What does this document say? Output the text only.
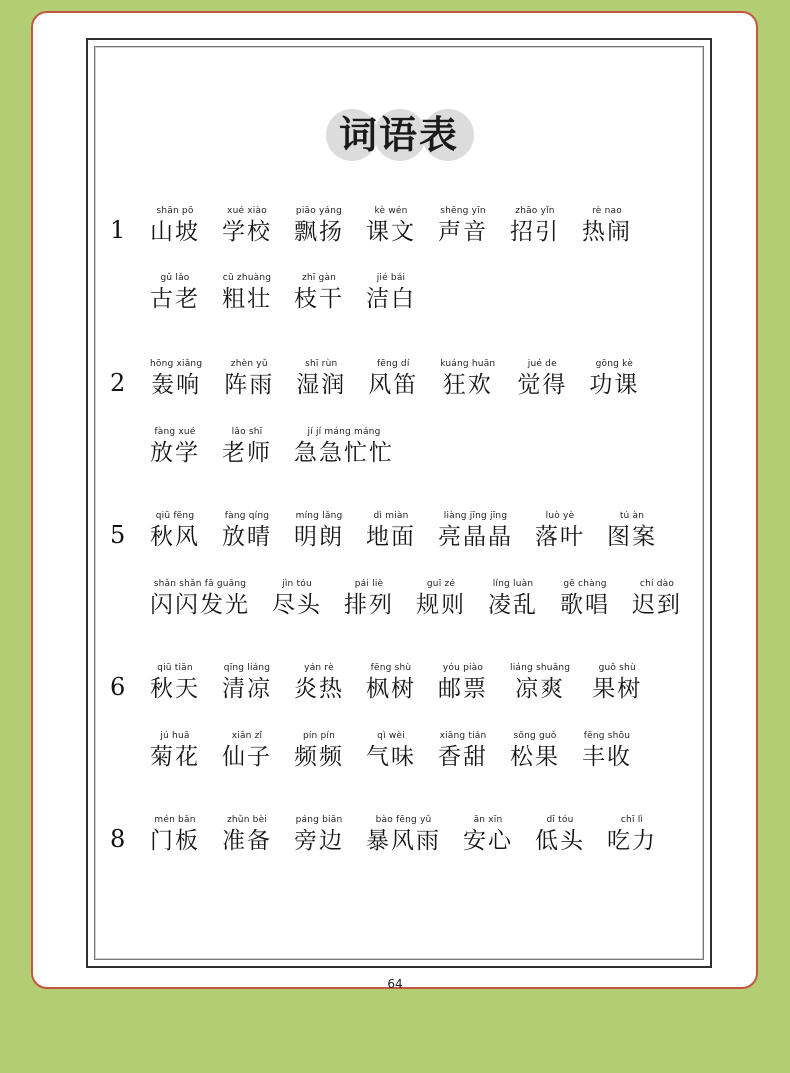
词语表
1
shān pō
山坡
xué xiào
学校
piāo yáng
飘扬
kè wén
课文
shēng yīn
声音
zhāo yǐn
招引
rè nao
热闹
gǔ lǎo
古老
cū zhuàng
粗壮
zhī gàn
枝干
jié bái
洁白
2
hōng xiǎng
轰响
zhèn yǔ
阵雨
shī rùn
湿润
fēng dí
风笛
kuáng huān
狂欢
jué de
觉得
gōng kè
功课
fàng xué
放学
lǎo shī
老师
jí jí máng máng
急急忙忙
5
qiū fēng
秋风
fàng qíng
放晴
míng lǎng
明朗
dì miàn
地面
liàng jīng jīng
亮晶晶
luò yè
落叶
tú àn
图案
shǎn shǎn fā guāng
闪闪发光
jìn tóu
尽头
pái liè
排列
guī zé
规则
líng luàn
凌乱
gē chàng
歌唱
chí dào
迟到
6
qiū tiān
秋天
qīng liáng
清凉
yán rè
炎热
fēng shù
枫树
yóu piào
邮票
liáng shuǎng
凉爽
guǒ shù
果树
jú huā
菊花
xiān zǐ
仙子
pín pín
频频
qì wèi
气味
xiāng tián
香甜
sōng guǒ
松果
fēng shōu
丰收
8
mén bǎn
门板
zhǔn bèi
准备
páng biān
旁边
bào fēng yǔ
暴风雨
ān xīn
安心
dī tóu
低头
chī lì
吃力
64
